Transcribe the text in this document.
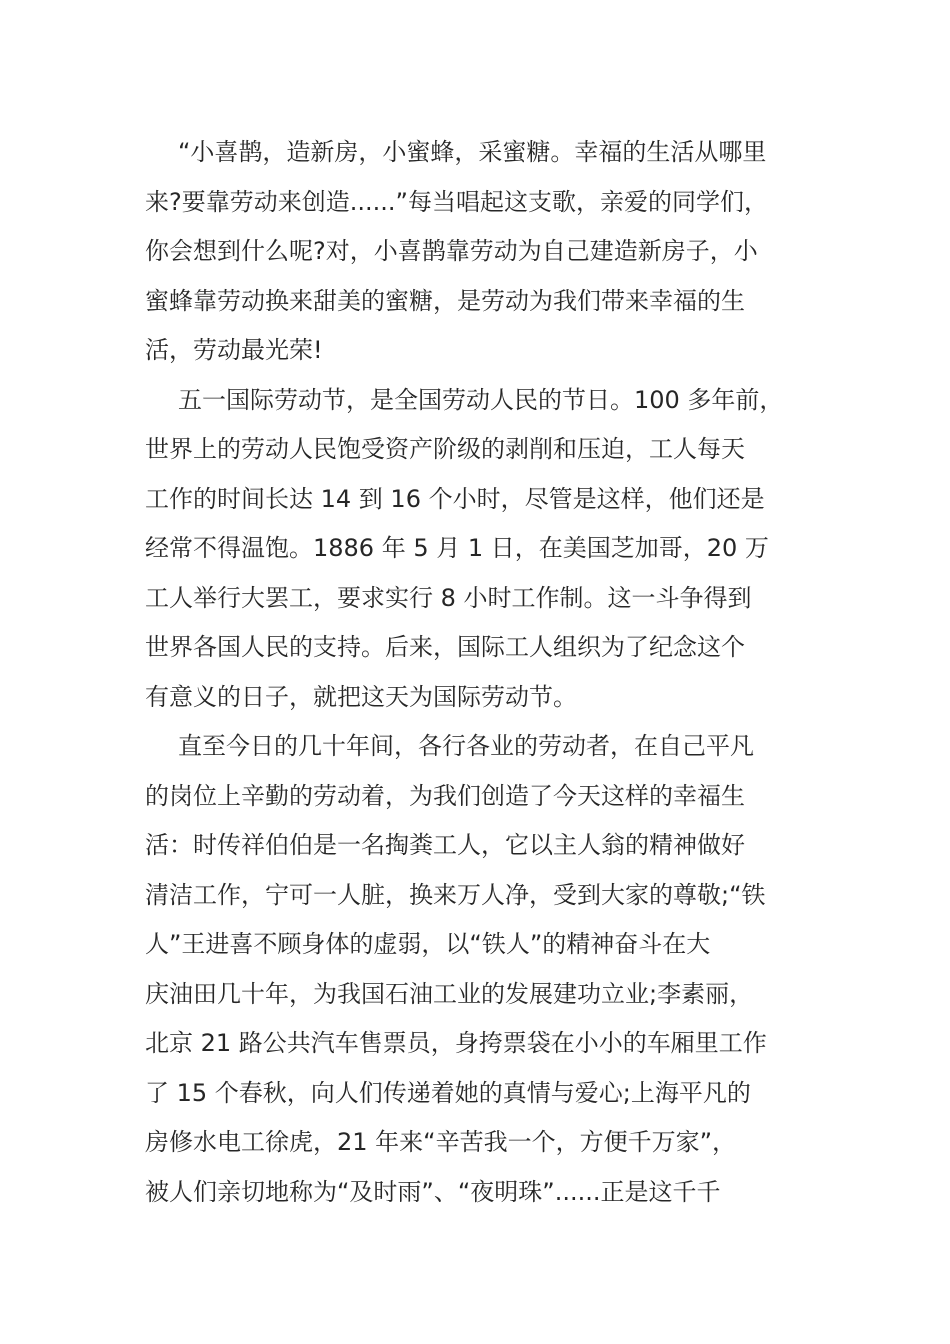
“小喜鹊，造新房，小蜜蜂，采蜜糖。幸福的生活从哪里
来?要靠劳动来创造......”每当唱起这支歌，亲爱的同学们，
你会想到什么呢?对，小喜鹊靠劳动为自己建造新房子，小
蜜蜂靠劳动换来甜美的蜜糖，是劳动为我们带来幸福的生
活，劳动最光荣!
五一国际劳动节，是全国劳动人民的节日。100 多年前，
世界上的劳动人民饱受资产阶级的剥削和压迫，工人每天
工作的时间长达 14 到 16 个小时，尽管是这样，他们还是
经常不得温饱。1886 年 5 月 1 日，在美国芝加哥，20 万
工人举行大罢工，要求实行 8 小时工作制。这一斗争得到
世界各国人民的支持。后来，国际工人组织为了纪念这个
有意义的日子，就把这天为国际劳动节。
直至今日的几十年间，各行各业的劳动者，在自己平凡
的岗位上辛勤的劳动着，为我们创造了今天这样的幸福生
活：时传祥伯伯是一名掏粪工人，它以主人翁的精神做好
清洁工作，宁可一人脏，换来万人净，受到大家的尊敬;“铁
人”王进喜不顾身体的虚弱，以“铁人”的精神奋斗在大
庆油田几十年，为我国石油工业的发展建功立业;李素丽，
北京 21 路公共汽车售票员，身挎票袋在小小的车厢里工作
了 15 个春秋，向人们传递着她的真情与爱心;上海平凡的
房修水电工徐虎，21 年来“辛苦我一个，方便千万家”，
被人们亲切地称为“及时雨”、“夜明珠”......正是这千千
